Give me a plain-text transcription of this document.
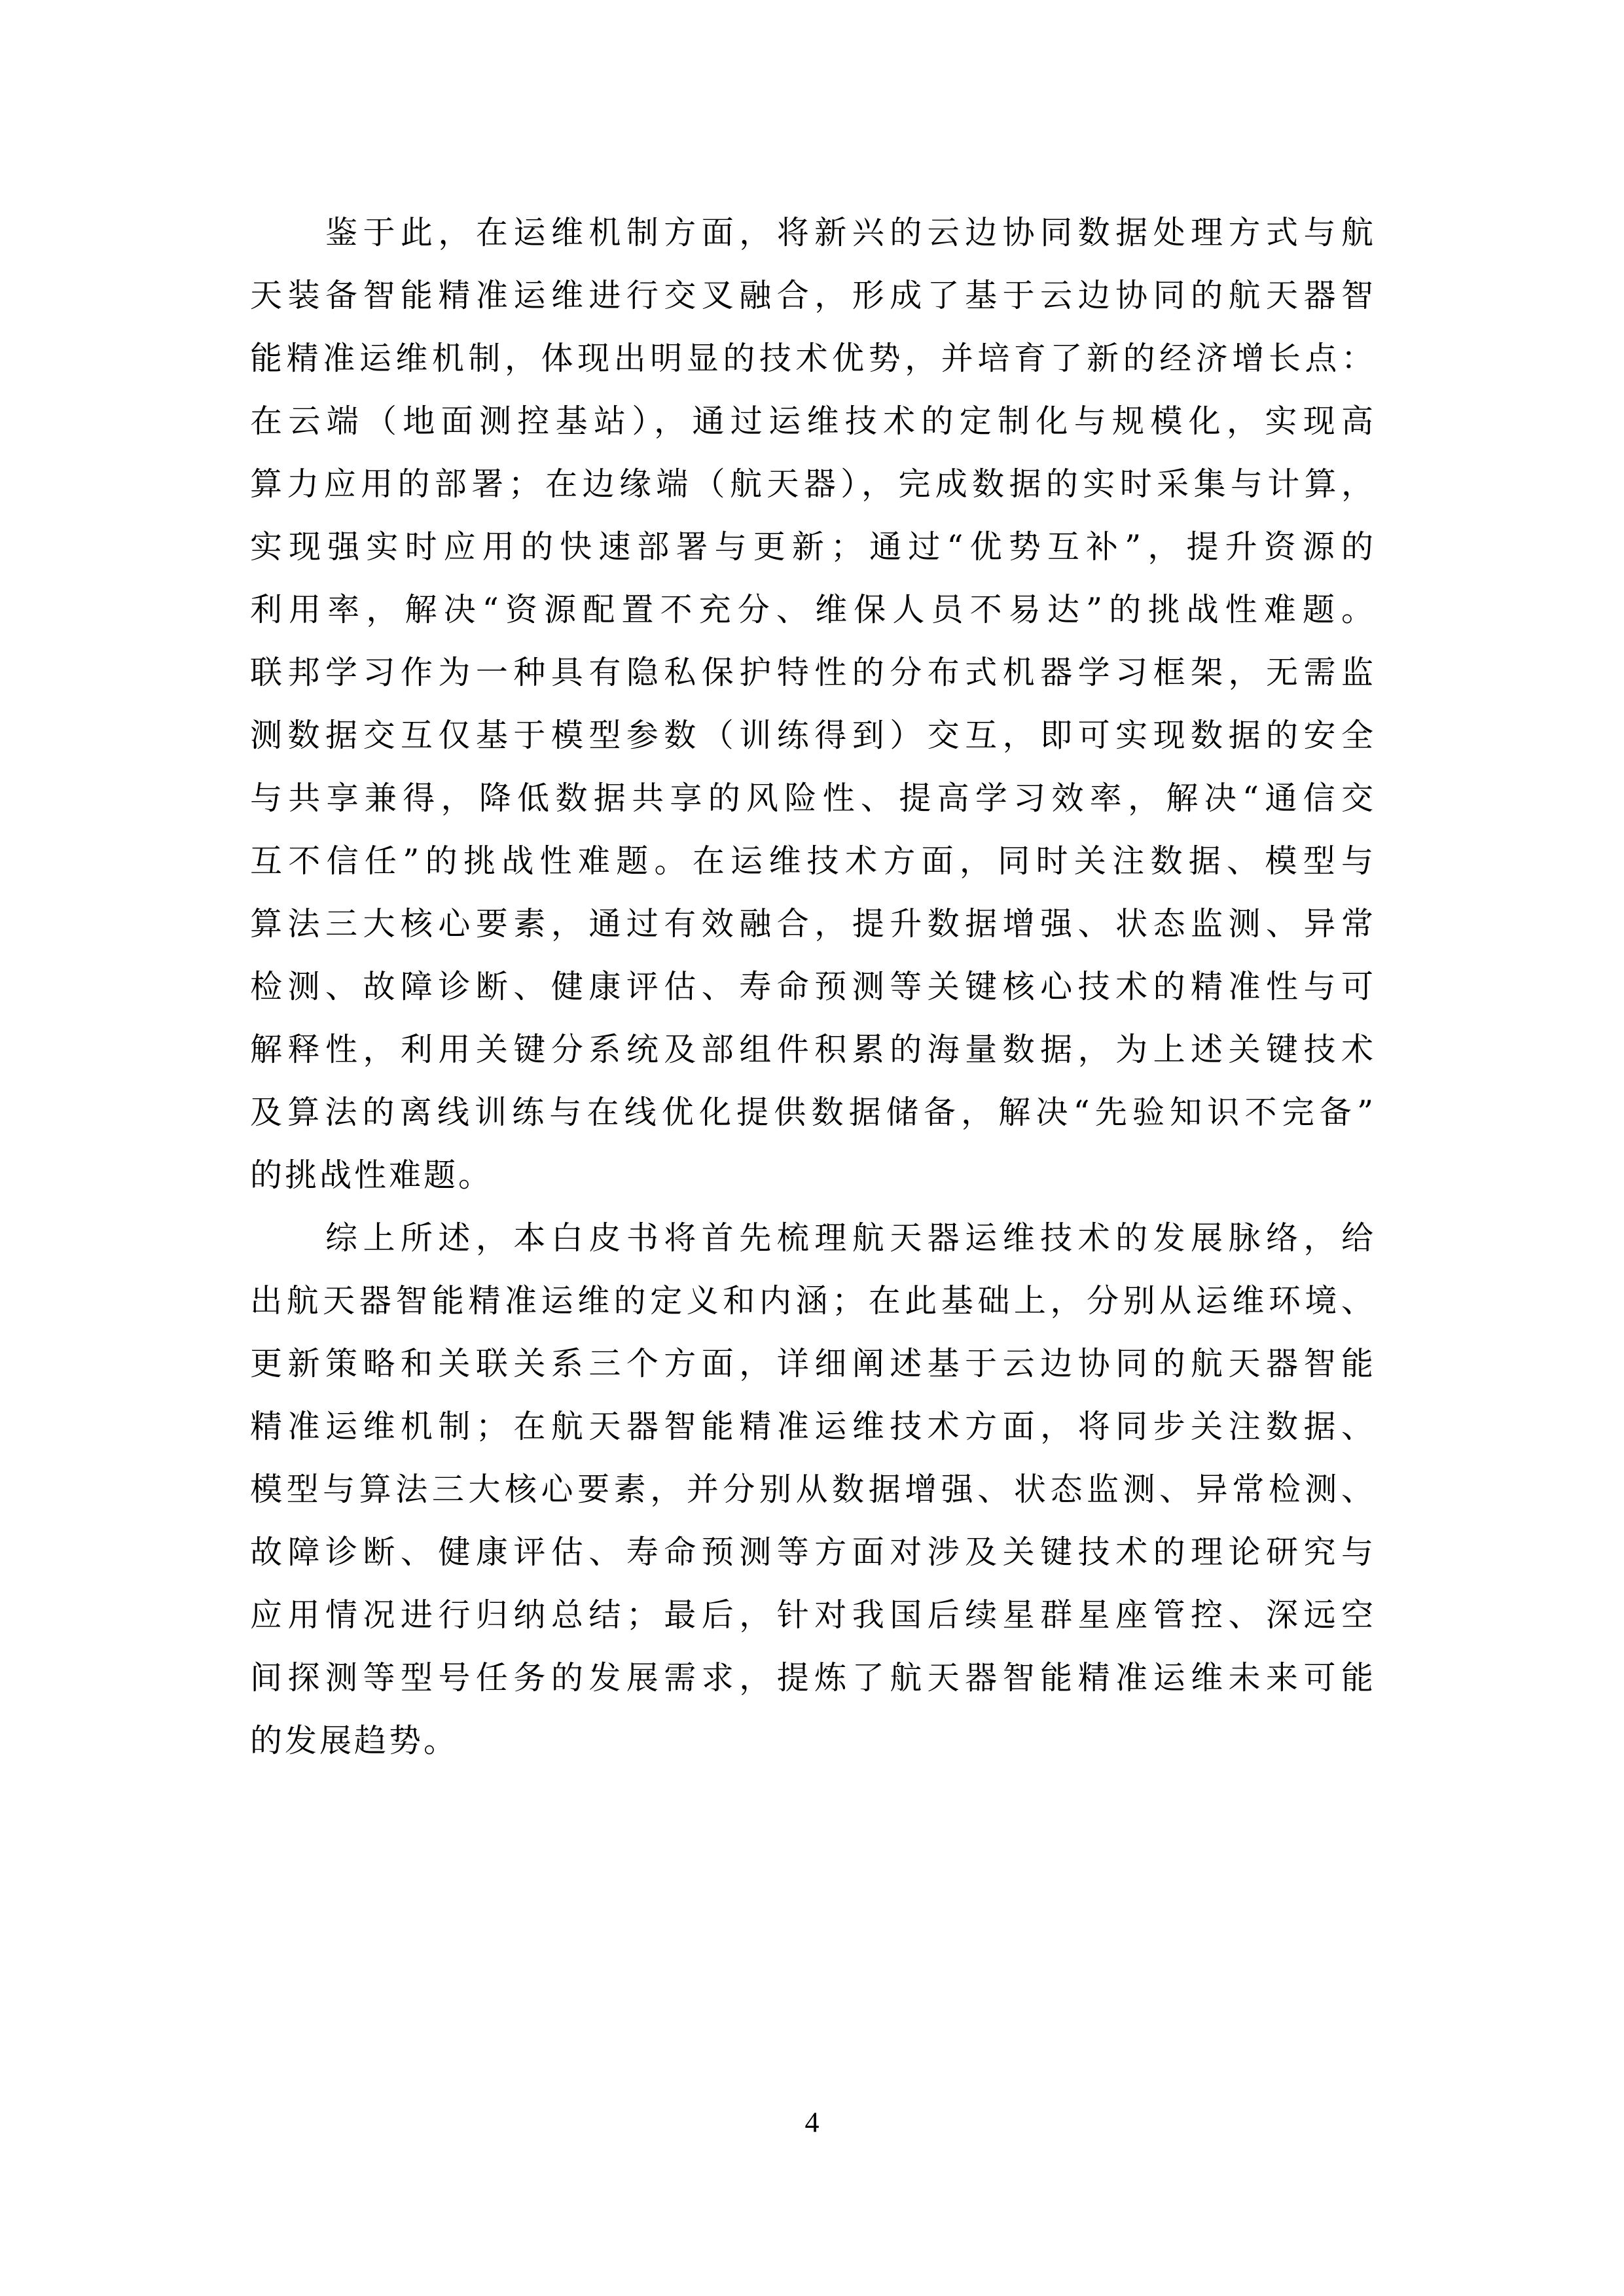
　　鉴于此，在运维机制方面，将新兴的云边协同数据处理方式与航
天装备智能精准运维进行交叉融合，形成了基于云边协同的航天器智
能精准运维机制，体现出明显的技术优势，并培育了新的经济增长点：
在云端（地面测控基站），通过运维技术的定制化与规模化，实现高
算力应用的部署；在边缘端（航天器），完成数据的实时采集与计算，
实现强实时应用的快速部署与更新；通过“优势互补”，提升资源的
利用率，解决“资源配置不充分、维保人员不易达”的挑战性难题。
联邦学习作为一种具有隐私保护特性的分布式机器学习框架，无需监
测数据交互仅基于模型参数（训练得到）交互，即可实现数据的安全
与共享兼得，降低数据共享的风险性、提高学习效率，解决“通信交
互不信任”的挑战性难题。在运维技术方面，同时关注数据、模型与
算法三大核心要素，通过有效融合，提升数据增强、状态监测、异常
检测、故障诊断、健康评估、寿命预测等关键核心技术的精准性与可
解释性，利用关键分系统及部组件积累的海量数据，为上述关键技术
及算法的离线训练与在线优化提供数据储备，解决“先验知识不完备”
的挑战性难题。
　　综上所述，本白皮书将首先梳理航天器运维技术的发展脉络，给
出航天器智能精准运维的定义和内涵；在此基础上，分别从运维环境、
更新策略和关联关系三个方面，详细阐述基于云边协同的航天器智能
精准运维机制；在航天器智能精准运维技术方面，将同步关注数据、
模型与算法三大核心要素，并分别从数据增强、状态监测、异常检测、
故障诊断、健康评估、寿命预测等方面对涉及关键技术的理论研究与
应用情况进行归纳总结；最后，针对我国后续星群星座管控、深远空
间探测等型号任务的发展需求，提炼了航天器智能精准运维未来可能
的发展趋势。
4
